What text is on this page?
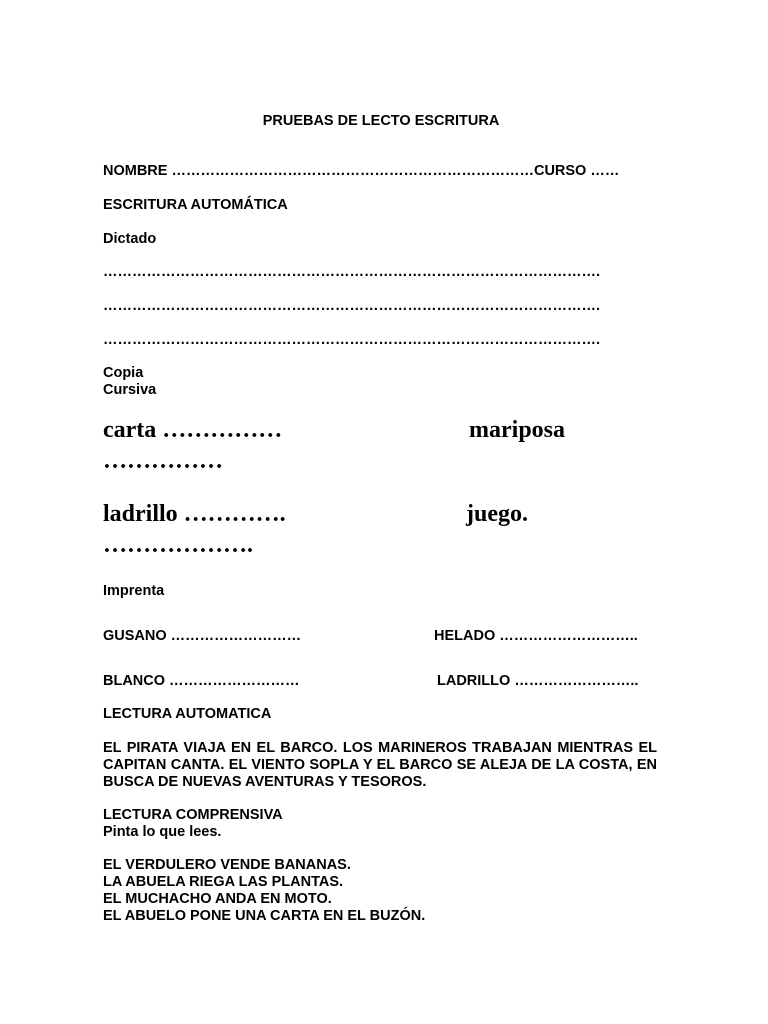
PRUEBAS DE LECTO ESCRITURA
NOMBRE …………………………………………………………………CURSO ……
ESCRITURA AUTOMÁTICA
Dictado
………………………………………………………………………………………….
………………………………………………………………………………………….
………………………………………………………………………………………….
Copia
Cursiva
carta ……………	mariposa
……………
ladrillo ………….	juego.
……………….
Imprenta
GUSANO ………………………	HELADO ………………………..
BLANCO ………………………	LADRILLO ……………………..
LECTURA AUTOMATICA
EL PIRATA VIAJA EN EL BARCO. LOS MARINEROS TRABAJAN MIENTRAS EL CAPITAN CANTA. EL VIENTO SOPLA Y EL BARCO SE ALEJA DE LA COSTA, EN BUSCA DE NUEVAS AVENTURAS Y TESOROS.
LECTURA COMPRENSIVA
Pinta lo que lees.
EL VERDULERO VENDE BANANAS.
LA ABUELA RIEGA LAS PLANTAS.
EL MUCHACHO ANDA EN MOTO.
EL ABUELO PONE UNA CARTA EN EL BUZÓN.
